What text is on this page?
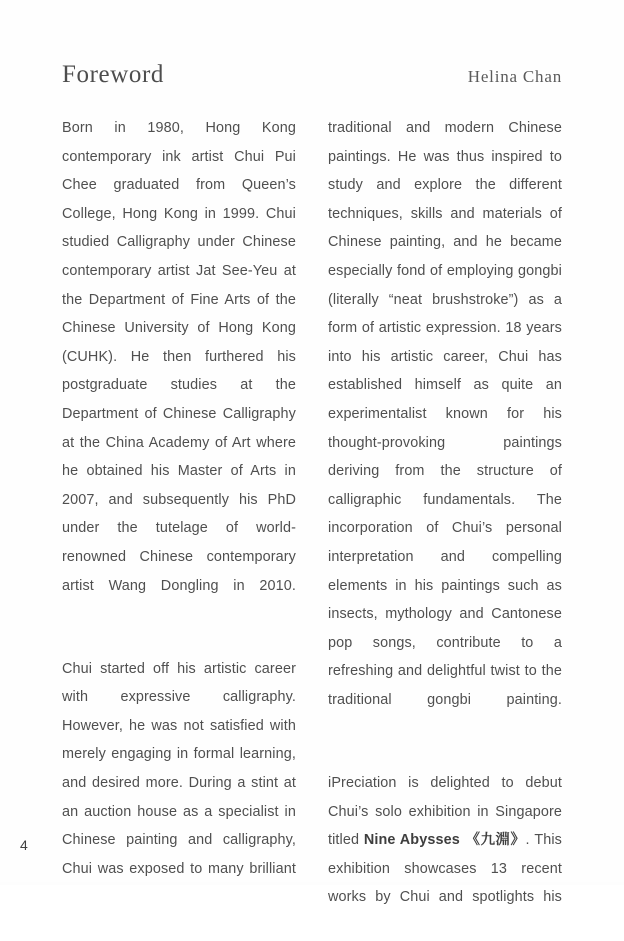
Foreword	Helina Chan

Born in 1980, Hong Kong contemporary ink artist Chui Pui Chee graduated from Queen’s College, Hong Kong in 1999. Chui studied Calligraphy under Chinese contemporary artist Jat See-Yeu at the Department of Fine Arts of the Chinese University of Hong Kong (CUHK). He then furthered his postgraduate studies at the Department of Chinese Calligraphy at the China Academy of Art where he obtained his Master of Arts in 2007, and subsequently his PhD under the tutelage of world-renowned Chinese contemporary artist Wang Dongling in 2010.

Chui started off his artistic career with expressive calligraphy. However, he was not satisfied with merely engaging in formal learning, and desired more. During a stint at an auction house as a specialist in Chinese painting and calligraphy, Chui was exposed to many brilliant

traditional and modern Chinese paintings. He was thus inspired to study and explore the different techniques, skills and materials of Chinese painting, and he became especially fond of employing gongbi (literally “neat brushstroke”) as a form of artistic expression. 18 years into his artistic career, Chui has established himself as quite an experimentalist known for his thought-provoking paintings deriving from the structure of calligraphic fundamentals. The incorporation of Chui’s personal interpretation and compelling elements in his paintings such as insects, mythology and Cantonese pop songs, contribute to a refreshing and delightful twist to the traditional gongbi painting.

iPreciation is delighted to debut Chui’s solo exhibition in Singapore titled Nine Abysses 《九淵》. This exhibition showcases 13 recent works by Chui and spotlights his

4
